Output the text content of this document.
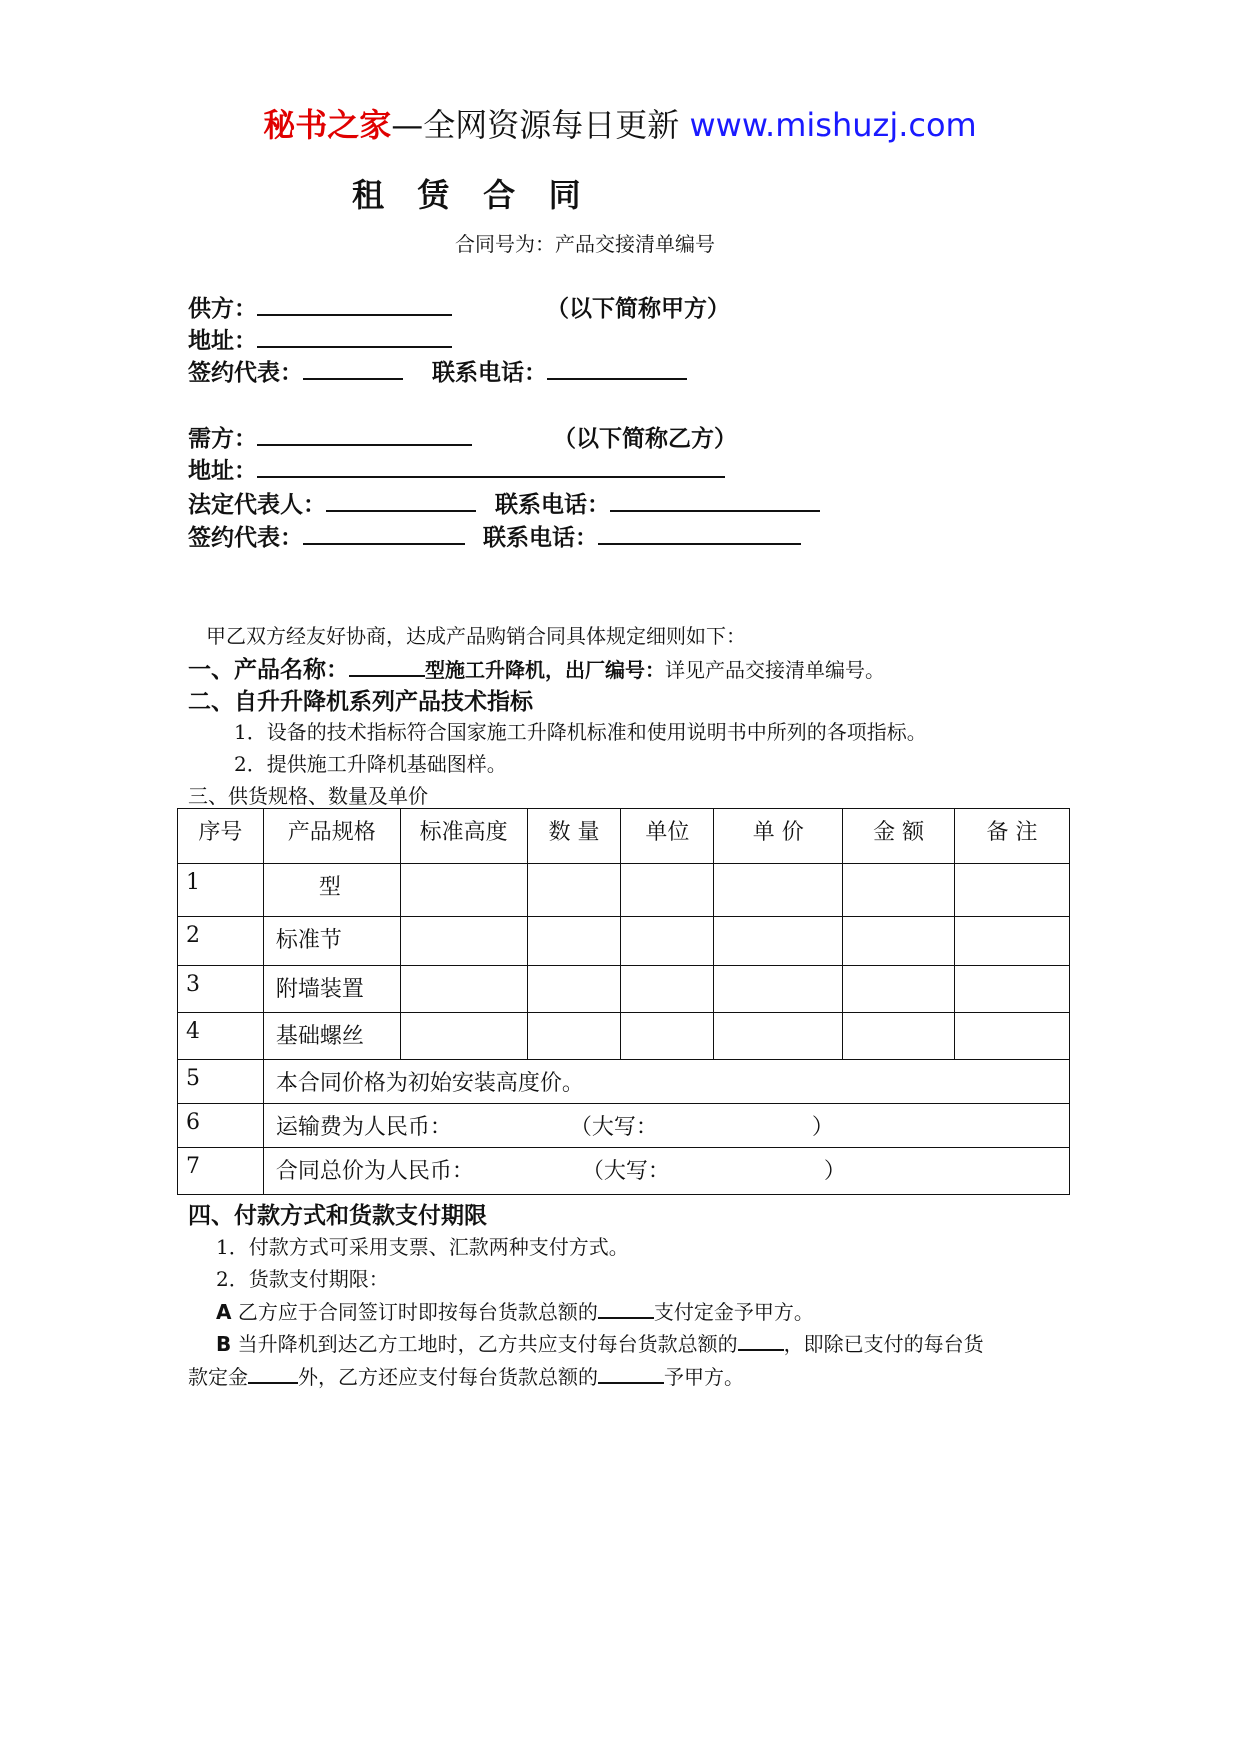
秘书之家—全网资源每日更新 www.mishuzj.com
租 赁 合 同
合同号为：产品交接清单编号
供方：	（以下简称甲方）
地址：
签约代表：	联系电话：
需方：	（以下简称乙方）
地址：
法定代表人：	联系电话：
签约代表：	联系电话：
甲乙双方经友好协商，达成产品购销合同具体规定细则如下：
一、产品名称：	型施工升降机，出厂编号：详见产品交接清单编号。
二、自升升降机系列产品技术指标
1．设备的技术指标符合国家施工升降机标准和使用说明书中所列的各项指标。
2．提供施工升降机基础图样。
三、供货规格、数量及单价
序号	产品规格	标准高度	数 量	单位	单 价	金 额	备 注
1	型						
2	标准节						
3	附墙装置						
4	基础螺丝						
5	本合同价格为初始安装高度价。						
6	运输费为人民币： （大写： ）						
7	合同总价为人民币： （大写： ）						
四、付款方式和货款支付期限
1．付款方式可采用支票、汇款两种支付方式。
2．货款支付期限：
A 乙方应于合同签订时即按每台货款总额的	支付定金予甲方。
B 当升降机到达乙方工地时，乙方共应支付每台货款总额的 ，即除已支付的每台货
款定金	外，乙方还应支付每台货款总额的	予甲方。
